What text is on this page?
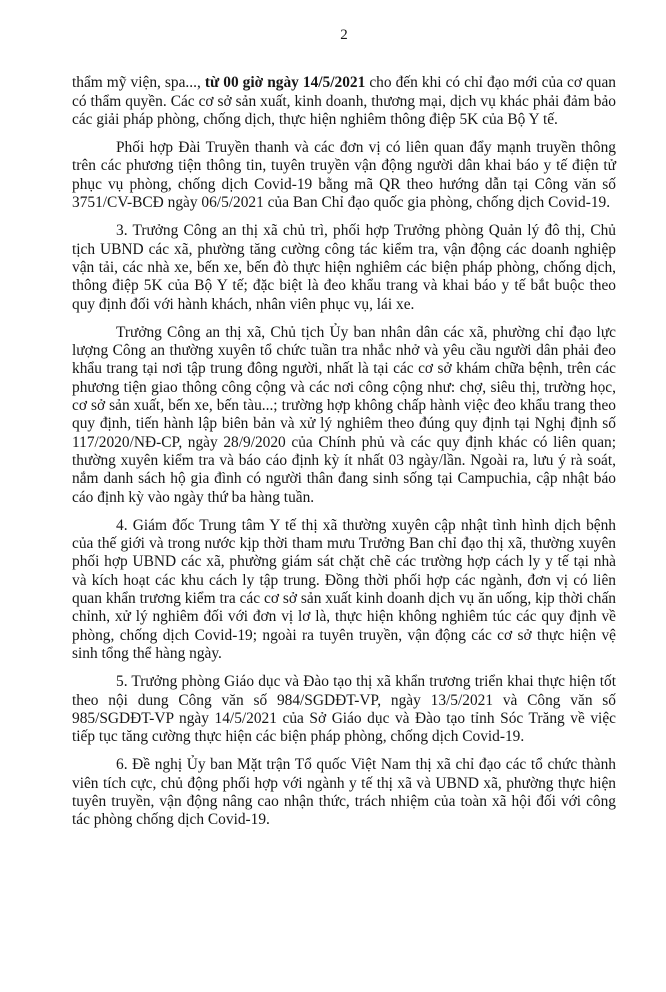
2

thẩm mỹ viện, spa..., từ 00 giờ ngày 14/5/2021 cho đến khi có chỉ đạo mới của cơ quan có thẩm quyền. Các cơ sở sản xuất, kinh doanh, thương mại, dịch vụ khác phải đảm bảo các giải pháp phòng, chống dịch, thực hiện nghiêm thông điệp 5K của Bộ Y tế.

Phối hợp Đài Truyền thanh và các đơn vị có liên quan đẩy mạnh truyền thông trên các phương tiện thông tin, tuyên truyền vận động người dân khai báo y tế điện tử phục vụ phòng, chống dịch Covid-19 bằng mã QR theo hướng dẫn tại Công văn số 3751/CV-BCĐ ngày 06/5/2021 của Ban Chỉ đạo quốc gia phòng, chống dịch Covid-19.

3. Trưởng Công an thị xã chủ trì, phối hợp Trưởng phòng Quản lý đô thị, Chủ tịch UBND các xã, phường tăng cường công tác kiểm tra, vận động các doanh nghiệp vận tải, các nhà xe, bến xe, bến đò thực hiện nghiêm các biện pháp phòng, chống dịch, thông điệp 5K của Bộ Y tế; đặc biệt là đeo khẩu trang và khai báo y tế bắt buộc theo quy định đối với hành khách, nhân viên phục vụ, lái xe.

Trưởng Công an thị xã, Chủ tịch Ủy ban nhân dân các xã, phường chỉ đạo lực lượng Công an thường xuyên tổ chức tuần tra nhắc nhở và yêu cầu người dân phải đeo khẩu trang tại nơi tập trung đông người, nhất là tại các cơ sở khám chữa bệnh, trên các phương tiện giao thông công cộng và các nơi công cộng như: chợ, siêu thị, trường học, cơ sở sản xuất, bến xe, bến tàu...; trường hợp không chấp hành việc đeo khẩu trang theo quy định, tiến hành lập biên bản và xử lý nghiêm theo đúng quy định tại Nghị định số 117/2020/NĐ-CP, ngày 28/9/2020 của Chính phủ và các quy định khác có liên quan; thường xuyên kiểm tra và báo cáo định kỳ ít nhất 03 ngày/lần. Ngoài ra, lưu ý rà soát, nắm danh sách hộ gia đình có người thân đang sinh sống tại Campuchia, cập nhật báo cáo định kỳ vào ngày thứ ba hàng tuần.

4. Giám đốc Trung tâm Y tế thị xã thường xuyên cập nhật tình hình dịch bệnh của thế giới và trong nước kịp thời tham mưu Trưởng Ban chỉ đạo thị xã, thường xuyên phối hợp UBND các xã, phường giám sát chặt chẽ các trường hợp cách ly y tế tại nhà và kích hoạt các khu cách ly tập trung. Đồng thời phối hợp các ngành, đơn vị có liên quan khẩn trương kiểm tra các cơ sở sản xuất kinh doanh dịch vụ ăn uống, kịp thời chấn chỉnh, xử lý nghiêm đối với đơn vị lơ là, thực hiện không nghiêm túc các quy định về phòng, chống dịch Covid-19; ngoài ra tuyên truyền, vận động các cơ sở thực hiện vệ sinh tổng thể hàng ngày.

5. Trưởng phòng Giáo dục và Đào tạo thị xã khẩn trương triển khai thực hiện tốt theo nội dung Công văn số 984/SGDĐT-VP, ngày 13/5/2021 và Công văn số 985/SGDĐT-VP ngày 14/5/2021 của Sở Giáo dục và Đào tạo tỉnh Sóc Trăng về việc tiếp tục tăng cường thực hiện các biện pháp phòng, chống dịch Covid-19.

6. Đề nghị Ủy ban Mặt trận Tổ quốc Việt Nam thị xã chỉ đạo các tổ chức thành viên tích cực, chủ động phối hợp với ngành y tế thị xã và UBND xã, phường thực hiện tuyên truyền, vận động nâng cao nhận thức, trách nhiệm của toàn xã hội đối với công tác phòng chống dịch Covid-19.
